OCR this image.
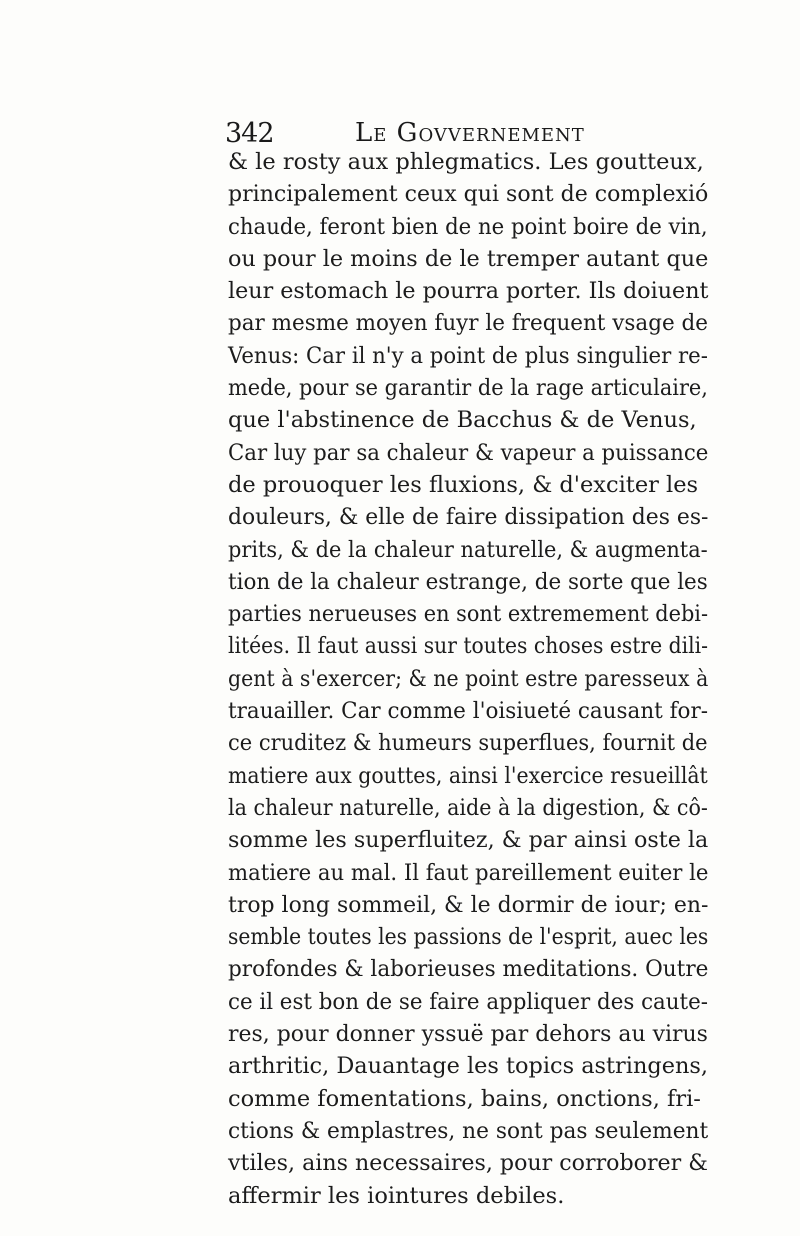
342	Le Govvernement
& le rosty aux phlegmatics. Les goutteux,
principalement ceux qui sont de complexió chaude, feront bien de ne point boire de vin, ou pour le moins de le tremper autant que leur estomach le pourra porter. Ils doiuent par mesme moyen fuyr le frequent vsage de Venus: Car il n'y a point de plus singulier re- mede, pour se garantir de la rage articulaire,
que l'abstinence de Bacchus & de Venus,
Car luy par sa chaleur & vapeur a puissance
de prouoquer les fluxions, & d'exciter les
douleurs, & elle de faire dissipation des es- prits, & de la chaleur naturelle, & augmenta- tion de la chaleur estrange, de sorte que les parties nerueuses en sont extremement debi- litées. Il faut aussi sur toutes choses estre dili- gent à s'exercer; & ne point estre paresseux à trauailler. Car comme l'oisiueté causant for- ce cruditez & humeurs superflues, fournit de matiere aux gouttes, ainsi l'exercice resueillât la chaleur naturelle, aide à la digestion, & cô- somme les superfluitez, & par ainsi oste la matiere au mal. Il faut pareillement euiter le trop long sommeil, & le dormir de iour; en- semble toutes les passions de l'esprit, auec les profondes & laborieuses meditations. Outre ce il est bon de se faire appliquer des caute- res, pour donner yssuë par dehors au virus arthritic, Dauantage les topics astringens,
comme fomentations, bains, onctions, fri-
ctions & emplastres, ne sont pas seulement vtiles, ains necessaires, pour corroborer &
affermir les iointures debiles.
